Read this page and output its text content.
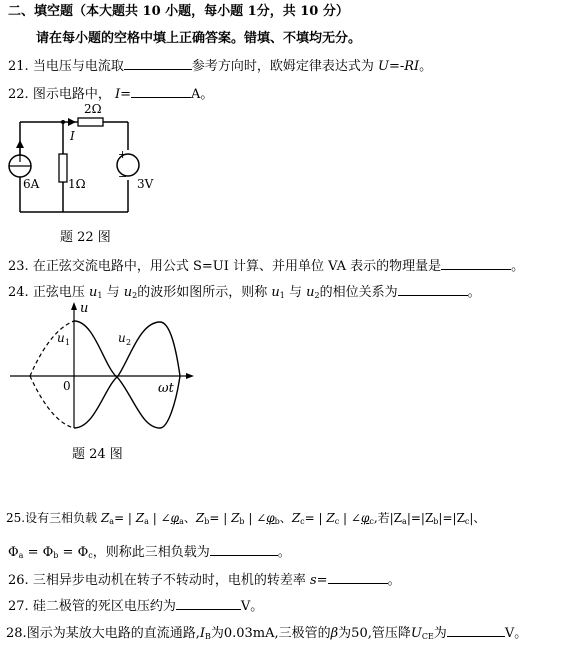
二、填空题（本大题共 10 小题，每小题 1分，共 10 分）
请在每小题的空格中填上正确答案。错填、不填均无分。
21. 当电压与电流取	参考方向时，欧姆定律表达式为 U=-RI。
22. 图示电路中， I=	A。
2Ω
I
6A 1Ω	3V
+
−
题 22 图
23. 在正弦交流电路中，用公式 S=UI 计算、并用单位 VA 表示的物理量是	。
24. 正弦电压 $u_1$ 与 $u_2$的波形如图所示，则称 $u_1$ 与 $u_2$的相位关系为	。
u
u 1	u 2
0	ωt
题 24 图
25.设有三相负载 $Z_a=$ | $Z_a$ | $\angle\varphi_a$、$Z_b=$ | $Z_b$ | $\angle\varphi_b$、$Z_c=$ | $Z_c$ | $\angle\varphi_c$,若$|Z_a|=|Z_b|=|Z_c|$、
$\Phi_a = \Phi_b = \Phi_c$，则称此三相负载为	。
26. 三相异步电动机在转子不转动时，电机的转差率 s=	。
27. 硅二极管的死区电压约为	V。
28.图示为某放大电路的直流通路$,I_B$为0.03mA,三极管的β为50,管压降$U_{CE}$为	V。
